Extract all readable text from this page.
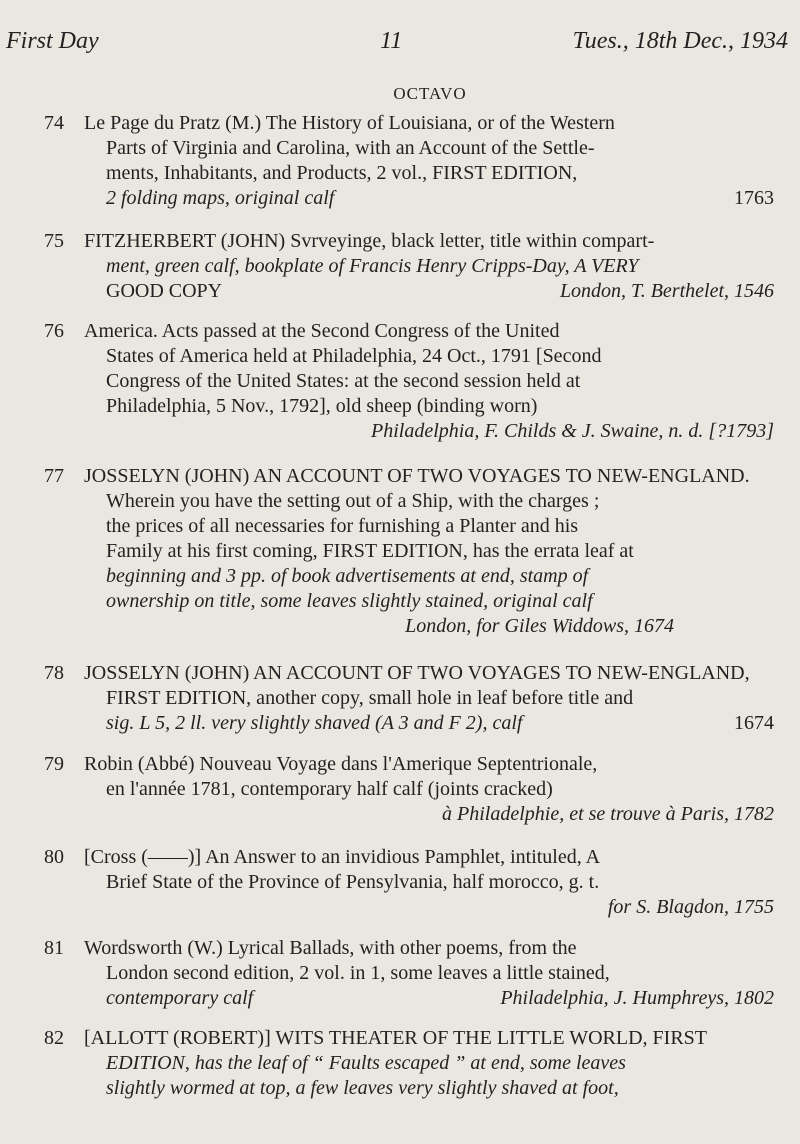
First Day	11	Tues., 18th Dec., 1934
OCTAVO
74 Le Page du Pratz (M.) The History of Louisiana, or of the Western
Parts of Virginia and Carolina, with an Account of the Settle-
ments, Inhabitants, and Products, 2 vol., FIRST EDITION,
2 folding maps, original calf	1763
75 FITZHERBERT (JOHN) Svrveyinge, black letter, title within compart-
ment, green calf, bookplate of Francis Henry Cripps-Day, A VERY
GOOD COPY	London, T. Berthelet, 1546
76 America. Acts passed at the Second Congress of the United
States of America held at Philadelphia, 24 Oct., 1791 [Second
Congress of the United States: at the second session held at
Philadelphia, 5 Nov., 1792], old sheep (binding worn)
Philadelphia, F. Childs & J. Swaine, n. d. [?1793]
77 JOSSELYN (JOHN) AN ACCOUNT OF TWO VOYAGES TO NEW-ENGLAND.
Wherein you have the setting out of a Ship, with the charges ;
the prices of all necessaries for furnishing a Planter and his
Family at his first coming, FIRST EDITION, has the errata leaf at
beginning and 3 pp. of book advertisements at end, stamp of
ownership on title, some leaves slightly stained, original calf
London, for Giles Widdows, 1674
78 JOSSELYN (JOHN) AN ACCOUNT OF TWO VOYAGES TO NEW-ENGLAND,
FIRST EDITION, another copy, small hole in leaf before title and
sig. L 5, 2 ll. very slightly shaved (A 3 and F 2), calf	1674
79 Robin (Abbé) Nouveau Voyage dans l'Amerique Septentrionale,
en l'année 1781, contemporary half calf (joints cracked)
à Philadelphie, et se trouve à Paris, 1782
80 [Cross (——)] An Answer to an invidious Pamphlet, intituled, A
Brief State of the Province of Pensylvania, half morocco, g. t.
for S. Blagdon, 1755
81 Wordsworth (W.) Lyrical Ballads, with other poems, from the
London second edition, 2 vol. in 1, some leaves a little stained,
contemporary calf	Philadelphia, J. Humphreys, 1802
82 [ALLOTT (ROBERT)] WITS THEATER OF THE LITTLE WORLD, FIRST
EDITION, has the leaf of “ Faults escaped ” at end, some leaves
slightly wormed at top, a few leaves very slightly shaved at foot,
